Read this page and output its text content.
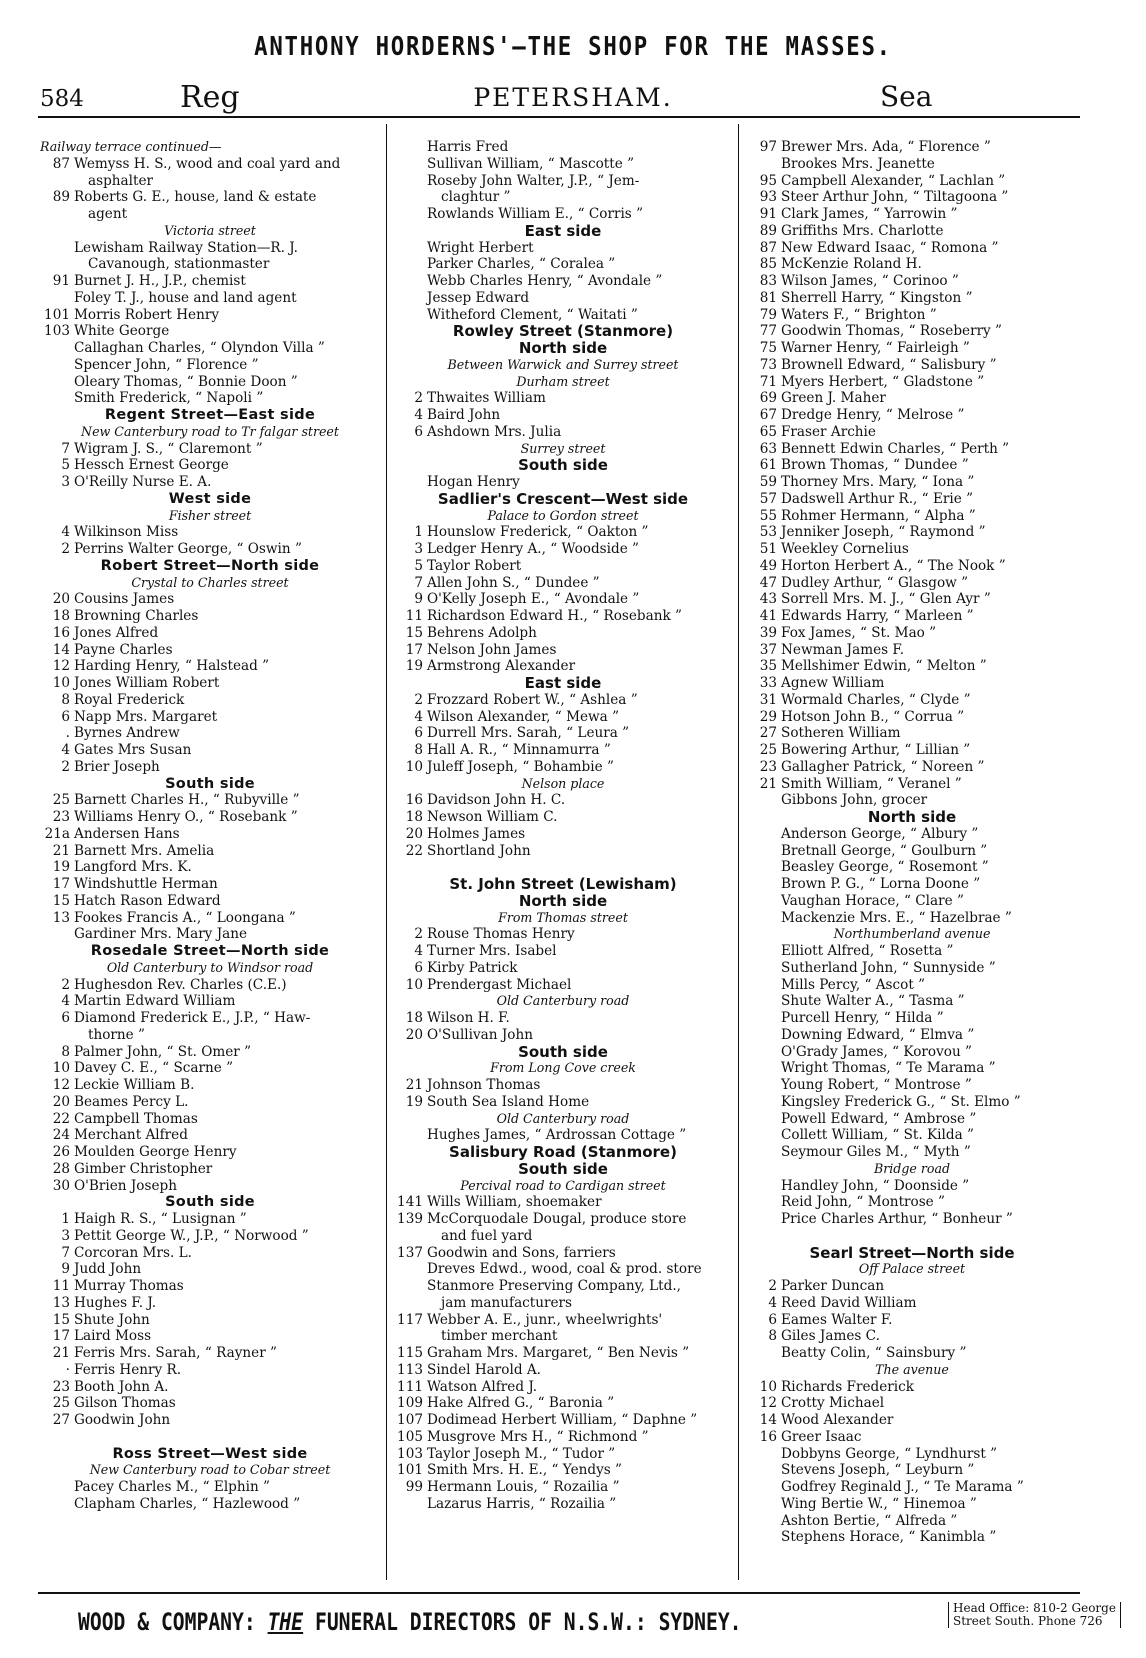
ANTHONY HORDERNS'—THE SHOP FOR THE MASSES.
584	Reg	PETERSHAM.	Sea
Railway terrace continued—
87 Wemyss H. S., wood and coal yard and
asphalter
89 Roberts G. E., house, land & estate
agent
Victoria street
Lewisham Railway Station—R. J.
Cavanough, stationmaster
91 Burnet J. H., J.P., chemist
Foley T. J., house and land agent
101 Morris Robert Henry
103 White George
Callaghan Charles, “ Olyndon Villa ”
Spencer John, “ Florence ”
Oleary Thomas, “ Bonnie Doon ”
Smith Frederick, “ Napoli ”
Regent Street—East side
New Canterbury road to Tr falgar street
7 Wigram J. S., “ Claremont ”
5 Hessch Ernest George
3 O'Reilly Nurse E. A.
West side
Fisher street
4 Wilkinson Miss
2 Perrins Walter George, “ Oswin ”
Robert Street—North side
Crystal to Charles street
20 Cousins James
18 Browning Charles
16 Jones Alfred
14 Payne Charles
12 Harding Henry, “ Halstead ”
10 Jones William Robert
8 Royal Frederick
6 Napp Mrs. Margaret
. Byrnes Andrew
4 Gates Mrs Susan
2 Brier Joseph
South side
25 Barnett Charles H., “ Rubyville ”
23 Williams Henry O., “ Rosebank ”
21a Andersen Hans
21 Barnett Mrs. Amelia
19 Langford Mrs. K.
17 Windshuttle Herman
15 Hatch Rason Edward
13 Fookes Francis A., “ Loongana ”
Gardiner Mrs. Mary Jane
Rosedale Street—North side
Old Canterbury to Windsor road
2 Hughesdon Rev. Charles (C.E.)
4 Martin Edward William
6 Diamond Frederick E., J.P., “ Haw-
thorne ”
8 Palmer John, “ St. Omer ”
10 Davey C. E., “ Scarne ”
12 Leckie William B.
20 Beames Percy L.
22 Campbell Thomas
24 Merchant Alfred
26 Moulden George Henry
28 Gimber Christopher
30 O'Brien Joseph
South side
1 Haigh R. S., “ Lusignan ”
3 Pettit George W., J.P., “ Norwood ”
7 Corcoran Mrs. L.
9 Judd John
11 Murray Thomas
13 Hughes F. J.
15 Shute John
17 Laird Moss
21 Ferris Mrs. Sarah, “ Rayner ”
· Ferris Henry R.
23 Booth John A.
25 Gilson Thomas
27 Goodwin John
Ross Street—West side
New Canterbury road to Cobar street
Pacey Charles M., “ Elphin ”
Clapham Charles, “ Hazlewood ”
Harris Fred
Sullivan William, “ Mascotte ”
Roseby John Walter, J.P., “ Jem-
claghtur ”
Rowlands William E., “ Corris ”
East side
Wright Herbert
Parker Charles, “ Coralea ”
Webb Charles Henry, “ Avondale ”
Jessep Edward
Witheford Clement, “ Waitati ”
Rowley Street (Stanmore)
North side
Between Warwick and Surrey street
Durham street
2 Thwaites William
4 Baird John
6 Ashdown Mrs. Julia
Surrey street
South side
Hogan Henry
Sadlier's Crescent—West side
Palace to Gordon street
1 Hounslow Frederick, “ Oakton ”
3 Ledger Henry A., “ Woodside ”
5 Taylor Robert
7 Allen John S., “ Dundee ”
9 O'Kelly Joseph E., “ Avondale ”
11 Richardson Edward H., “ Rosebank ”
15 Behrens Adolph
17 Nelson John James
19 Armstrong Alexander
East side
2 Frozzard Robert W., “ Ashlea ”
4 Wilson Alexander, “ Mewa ”
6 Durrell Mrs. Sarah, “ Leura ”
8 Hall A. R., “ Minnamurra ”
10 Juleff Joseph, “ Bohambie ”
Nelson place
16 Davidson John H. C.
18 Newson William C.
20 Holmes James
22 Shortland John
St. John Street (Lewisham)
North side
From Thomas street
2 Rouse Thomas Henry
4 Turner Mrs. Isabel
6 Kirby Patrick
10 Prendergast Michael
Old Canterbury road
18 Wilson H. F.
20 O'Sullivan John
South side
From Long Cove creek
21 Johnson Thomas
19 South Sea Island Home
Old Canterbury road
Hughes James, “ Ardrossan Cottage ”
Salisbury Road (Stanmore)
South side
Percival road to Cardigan street
141 Wills William, shoemaker
139 McCorquodale Dougal, produce store
and fuel yard
137 Goodwin and Sons, farriers
Dreves Edwd., wood, coal & prod. store
Stanmore Preserving Company, Ltd.,
jam manufacturers
117 Webber A. E., junr., wheelwrights'
timber merchant
115 Graham Mrs. Margaret, “ Ben Nevis ”
113 Sindel Harold A.
111 Watson Alfred J.
109 Hake Alfred G., “ Baronia ”
107 Dodimead Herbert William, “ Daphne ”
105 Musgrove Mrs H., “ Richmond ”
103 Taylor Joseph M., “ Tudor ”
101 Smith Mrs. H. E., “ Yendys ”
99 Hermann Louis, “ Rozailia ”
Lazarus Harris, “ Rozailia ”
97 Brewer Mrs. Ada, “ Florence ”
Brookes Mrs. Jeanette
95 Campbell Alexander, “ Lachlan ”
93 Steer Arthur John, “ Tiltagoona ”
91 Clark James, “ Yarrowin ”
89 Griffiths Mrs. Charlotte
87 New Edward Isaac, “ Romona ”
85 McKenzie Roland H.
83 Wilson James, “ Corinoo ”
81 Sherrell Harry, “ Kingston ”
79 Waters F., “ Brighton ”
77 Goodwin Thomas, “ Roseberry ”
75 Warner Henry, “ Fairleigh ”
73 Brownell Edward, “ Salisbury ”
71 Myers Herbert, “ Gladstone ”
69 Green J. Maher
67 Dredge Henry, “ Melrose ”
65 Fraser Archie
63 Bennett Edwin Charles, “ Perth ”
61 Brown Thomas, “ Dundee ”
59 Thorney Mrs. Mary, “ Iona ”
57 Dadswell Arthur R., “ Erie ”
55 Rohmer Hermann, “ Alpha ”
53 Jenniker Joseph, “ Raymond ”
51 Weekley Cornelius
49 Horton Herbert A., “ The Nook ”
47 Dudley Arthur, “ Glasgow ”
43 Sorrell Mrs. M. J., “ Glen Ayr ”
41 Edwards Harry, “ Marleen ”
39 Fox James, “ St. Mao ”
37 Newman James F.
35 Mellshimer Edwin, “ Melton ”
33 Agnew William
31 Wormald Charles, “ Clyde ”
29 Hotson John B., “ Corrua ”
27 Sotheren William
25 Bowering Arthur, “ Lillian ”
23 Gallagher Patrick, “ Noreen ”
21 Smith William, “ Veranel ”
Gibbons John, grocer
North side
Anderson George, “ Albury ”
Bretnall George, “ Goulburn ”
Beasley George, “ Rosemont ”
Brown P. G., “ Lorna Doone ”
Vaughan Horace, “ Clare ”
Mackenzie Mrs. E., “ Hazelbrae ”
Northumberland avenue
Elliott Alfred, “ Rosetta ”
Sutherland John, “ Sunnyside ”
Mills Percy, “ Ascot ”
Shute Walter A., “ Tasma ”
Purcell Henry, “ Hilda ”
Downing Edward, “ Elmva ”
O'Grady James, “ Korovou ”
Wright Thomas, “ Te Marama ”
Young Robert, “ Montrose ”
Kingsley Frederick G., “ St. Elmo ”
Powell Edward, “ Ambrose ”
Collett William, “ St. Kilda ”
Seymour Giles M., “ Myth ”
Bridge road
Handley John, “ Doonside ”
Reid John, “ Montrose ”
Price Charles Arthur, “ Bonheur ”
Searl Street—North side
Off Palace street
2 Parker Duncan
4 Reed David William
6 Eames Walter F.
8 Giles James C.
Beatty Colin, “ Sainsbury ”
The avenue
10 Richards Frederick
12 Crotty Michael
14 Wood Alexander
16 Greer Isaac
Dobbyns George, “ Lyndhurst ”
Stevens Joseph, “ Leyburn ”
Godfrey Reginald J., “ Te Marama ”
Wing Bertie W., “ Hinemoa ”
Ashton Bertie, “ Alfreda ”
Stephens Horace, “ Kanimbla ”
WOOD & COMPANY: THE FUNERAL DIRECTORS OF N.S.W.: SYDNEY.	Head Office: 810-2 George
Street South. Phone 726
